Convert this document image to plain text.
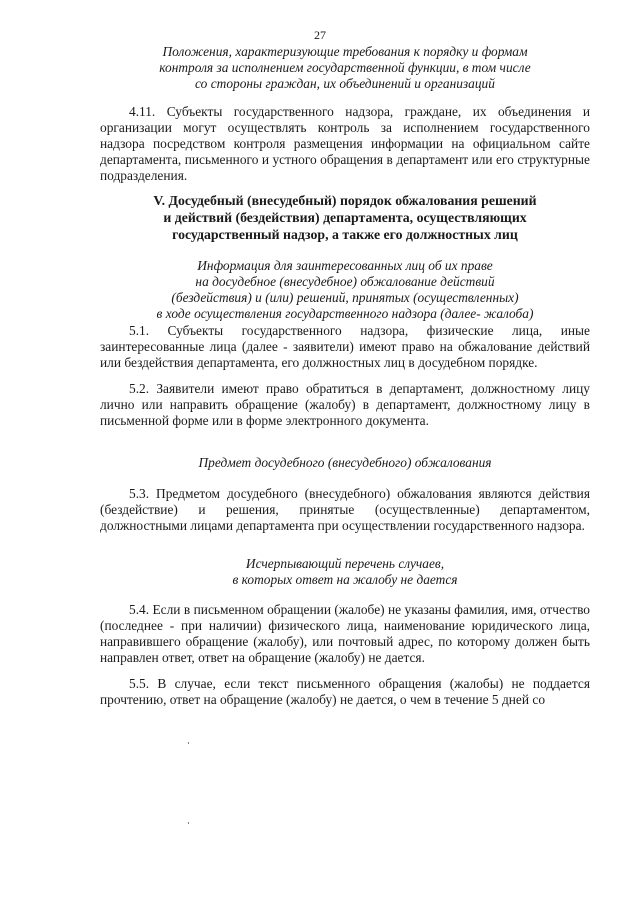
27
Положения, характеризующие требования к порядку и формам
контроля за исполнением государственной функции, в том числе
со стороны граждан, их объединений и организаций
4.11. Субъекты государственного надзора, граждане, их объединения и организации могут осуществлять контроль за исполнением государственного надзора посредством контроля размещения информации на официальном сайте департамента, письменного и устного обращения в департамент или его структурные подразделения.
V. Досудебный (внесудебный) порядок обжалования решений
и действий (бездействия) департамента, осуществляющих
государственный надзор, а также его должностных лиц
Информация для заинтересованных лиц об их праве
на досудебное (внесудебное) обжалование действий
(бездействия) и (или) решений, принятых (осуществленных)
в ходе осуществления государственного надзора (далее- жалоба)
5.1. Субъекты государственного надзора, физические лица, иные заинтересованные лица (далее - заявители) имеют право на обжалование действий или бездействия департамента, его должностных лиц в досудебном порядке.
5.2. Заявители имеют право обратиться в департамент, должностному лицу лично или направить обращение (жалобу) в департамент, должностному лицу в письменной форме или в форме электронного документа.
Предмет досудебного (внесудебного) обжалования
5.3. Предметом досудебного (внесудебного) обжалования являются действия (бездействие) и решения, принятые (осуществленные) департаментом, должностными лицами департамента при осуществлении государственного надзора.
Исчерпывающий перечень случаев,
в которых ответ на жалобу не дается
5.4. Если в письменном обращении (жалобе) не указаны фамилия, имя, отчество (последнее - при наличии) физического лица, наименование юридического лица, направившего обращение (жалобу), или почтовый адрес, по которому должен быть направлен ответ, ответ на обращение (жалобу) не дается.
5.5. В случае, если текст письменного обращения (жалобы) не поддается прочтению, ответ на обращение (жалобу) не дается, о чем в течение 5 дней со
